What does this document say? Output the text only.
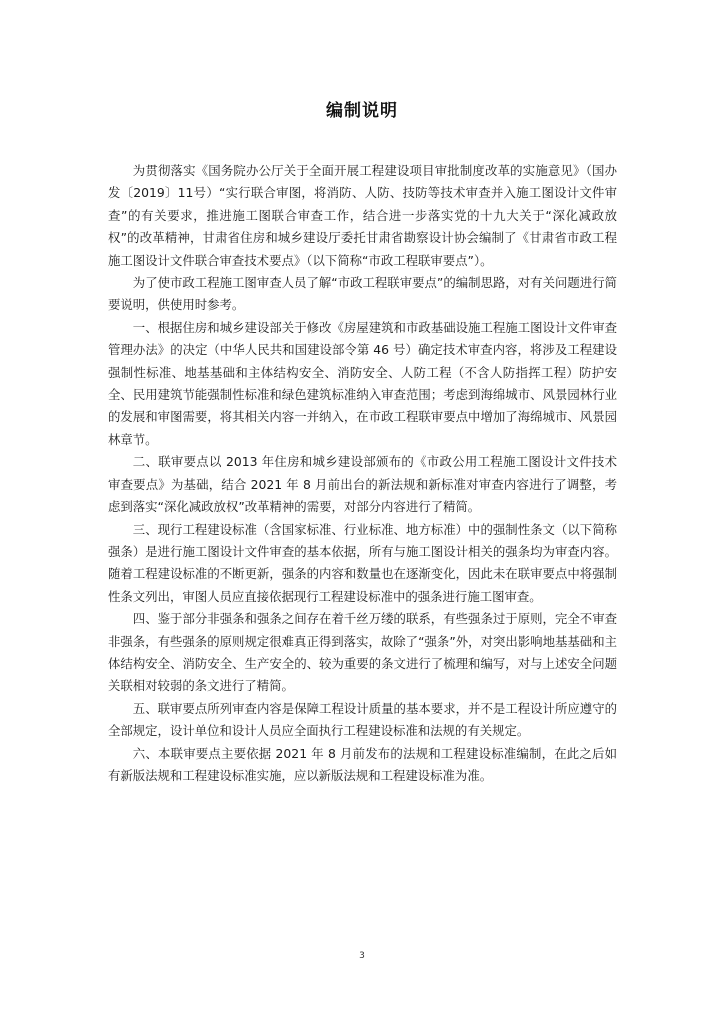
编制说明

为贯彻落实《国务院办公厅关于全面开展工程建设项目审批制度改革的实施意见》（国办发〔2019〕11号）“实行联合审图，将消防、人防、技防等技术审查并入施工图设计文件审查”的有关要求，推进施工图联合审查工作，结合进一步落实党的十九大关于“深化减政放权”的改革精神，甘肃省住房和城乡建设厅委托甘肃省勘察设计协会编制了《甘肃省市政工程施工图设计文件联合审查技术要点》（以下简称“市政工程联审要点”）。

为了使市政工程施工图审查人员了解“市政工程联审要点”的编制思路，对有关问题进行简要说明，供使用时参考。

一、根据住房和城乡建设部关于修改《房屋建筑和市政基础设施工程施工图设计文件审查管理办法》的决定（中华人民共和国建设部令第 46 号）确定技术审查内容，将涉及工程建设强制性标准、地基基础和主体结构安全、消防安全、人防工程（不含人防指挥工程）防护安全、民用建筑节能强制性标准和绿色建筑标准纳入审查范围；考虑到海绵城市、风景园林行业的发展和审图需要，将其相关内容一并纳入，在市政工程联审要点中增加了海绵城市、风景园林章节。

二、联审要点以 2013 年住房和城乡建设部颁布的《市政公用工程施工图设计文件技术审查要点》为基础，结合 2021 年 8 月前出台的新法规和新标准对审查内容进行了调整，考虑到落实“深化减政放权”改革精神的需要，对部分内容进行了精简。

三、现行工程建设标准（含国家标准、行业标准、地方标准）中的强制性条文（以下简称强条）是进行施工图设计文件审查的基本依据，所有与施工图设计相关的强条均为审查内容。随着工程建设标准的不断更新，强条的内容和数量也在逐渐变化，因此未在联审要点中将强制性条文列出，审图人员应直接依据现行工程建设标准中的强条进行施工图审查。

四、鉴于部分非强条和强条之间存在着千丝万缕的联系，有些强条过于原则，完全不审查非强条，有些强条的原则规定很难真正得到落实，故除了“强条”外，对突出影响地基基础和主体结构安全、消防安全、生产安全的、较为重要的条文进行了梳理和编写，对与上述安全问题关联相对较弱的条文进行了精简。

五、联审要点所列审查内容是保障工程设计质量的基本要求，并不是工程设计所应遵守的全部规定，设计单位和设计人员应全面执行工程建设标准和法规的有关规定。

六、本联审要点主要依据 2021 年 8 月前发布的法规和工程建设标准编制，在此之后如有新版法规和工程建设标准实施，应以新版法规和工程建设标准为准。

3
